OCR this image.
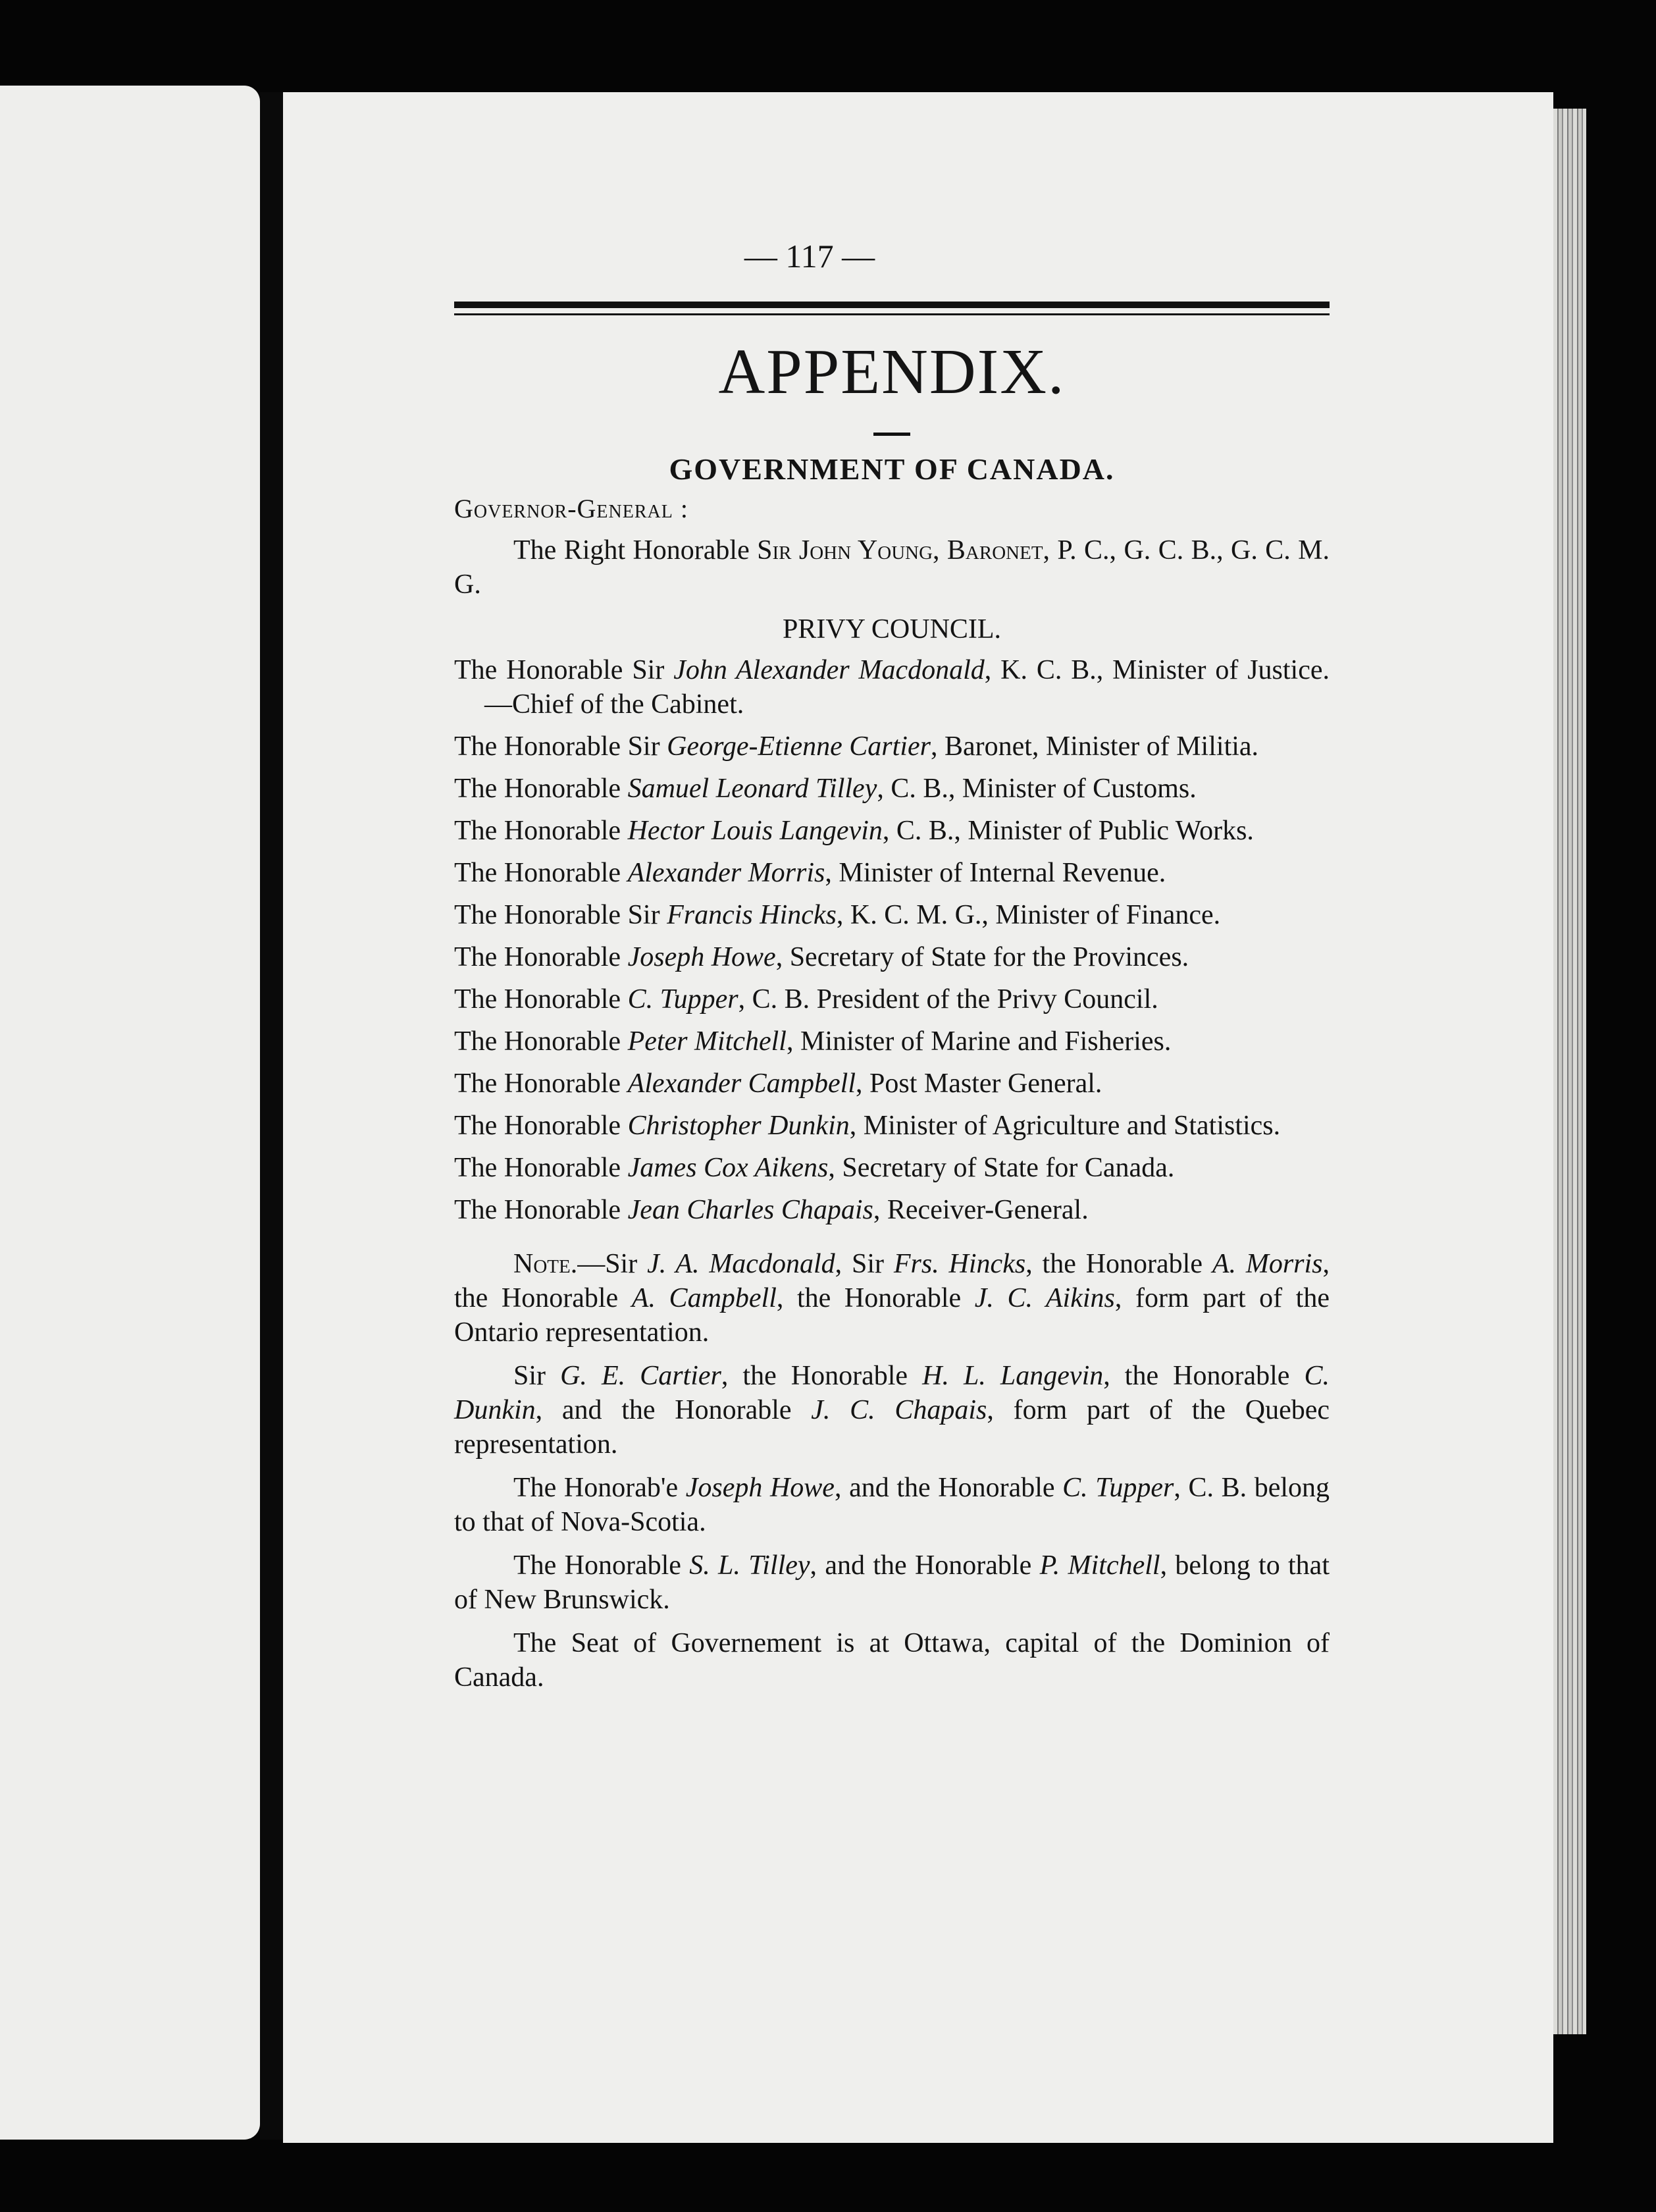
— 117 —
APPENDIX.
GOVERNMENT OF CANADA.
Governor-General :
The Right Honorable Sir John Young, Baronet, P. C., G. C. B., G. C. M. G.
PRIVY COUNCIL.
The Honorable Sir John Alexander Macdonald, K. C. B., Minister of Justice.—Chief of the Cabinet.
The Honorable Sir George-Etienne Cartier, Baronet, Minister of Militia.
The Honorable Samuel Leonard Tilley, C. B., Minister of Customs.
The Honorable Hector Louis Langevin, C. B., Minister of Public Works.
The Honorable Alexander Morris, Minister of Internal Revenue.
The Honorable Sir Francis Hincks, K. C. M. G., Minister of Finance.
The Honorable Joseph Howe, Secretary of State for the Provinces.
The Honorable C. Tupper, C. B. President of the Privy Council.
The Honorable Peter Mitchell, Minister of Marine and Fisheries.
The Honorable Alexander Campbell, Post Master General.
The Honorable Christopher Dunkin, Minister of Agriculture and Statistics.
The Honorable James Cox Aikens, Secretary of State for Canada.
The Honorable Jean Charles Chapais, Receiver-General.
Note.—Sir J. A. Macdonald, Sir Frs. Hincks, the Honorable A. Morris, the Honorable A. Campbell, the Honorable J. C. Aikins, form part of the Ontario representation.
Sir G. E. Cartier, the Honorable H. L. Langevin, the Honorable C. Dunkin, and the Honorable J. C. Chapais, form part of the Quebec representation.
The Honorab'e Joseph Howe, and the Honorable C. Tupper, C. B. belong to that of Nova-Scotia.
The Honorable S. L. Tilley, and the Honorable P. Mitchell, belong to that of New Brunswick.
The Seat of Governement is at Ottawa, capital of the Dominion of Canada.
